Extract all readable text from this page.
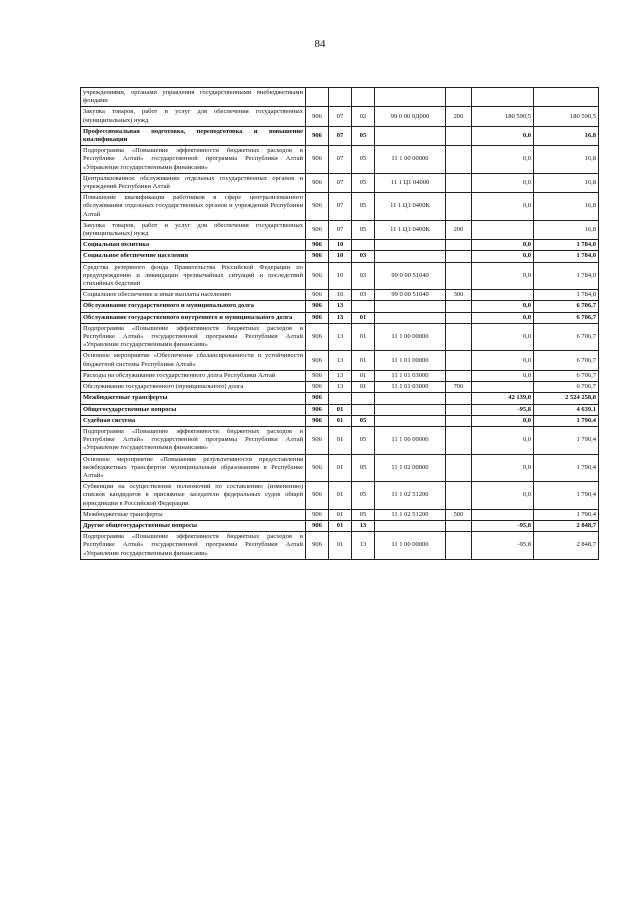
84
учреждениями, органами управления государственными внебюджетными фондами							
Закупка товаров, работ и услуг для обеспечения государственных (муниципальных) нужд	906	07	02	99 0 00 0Д000	200	180 590,5	180 590,5
Профессиональная подготовка, переподготовка и повышение квалификации	906	07	05			0,0	16,8
Подпрограмма «Повышение эффективности бюджетных расходов в Республике Алтай» государственной программы Республики Алтай «Управление государственными финансами»	906	07	05	11 1 00 00000		0,0	16,8
Централизованное обслуживание отдельных государственных органов и учреждений Республики Алтай	906	07	05	11 1 Ц1 04000		0,0	16,8
Повышение квалификации работников в сфере централизованного обслуживания отдельных государственных органов и учреждений Республики Алтай	906	07	05	11 1 Ц1 0400К		0,0	16,8
Закупка товаров, работ и услуг для обеспечения государственных (муниципальных) нужд	906	07	05	11 1 Ц1 0400К	200		16,8
Социальная политика	906	10				0,0	1 784,0
Социальное обеспечение населения	906	10	03			0,0	1 784,0
Средства резервного фонда Правительства Российской Федерации по предупреждению и ликвидации чрезвычайных ситуаций и последствий стихийных бедствий	906	10	03	99 0 00 51040		0,0	1 784,0
Социальное обеспечение и иные выплаты населению	906	10	03	99 0 00 51040	300		1 784,0
Обслуживание государственного и муниципального долга	906	13				0,0	6 706,7
Обслуживание государственного внутреннего и муниципального долга	906	13	01			0,0	6 706,7
Подпрограмма «Повышение эффективности бюджетных расходов в Республике Алтай» государственной программы Республики Алтай «Управление государственными финансами»	906	13	01	11 1 00 00000		0,0	6 706,7
Основное мероприятие «Обеспечение сбалансированности и устойчивости бюджетной системы Республики Алтай»	906	13	01	11 1 01 00000		0,0	6 706,7
Расходы на обслуживание государственного долга Республики Алтай	906	13	01	11 1 01 03000		0,0	6 706,7
Обслуживание государственного (муниципального) долга	906	13	01	11 1 01 03000	700		6 706,7
Межбюджетные трансферты	906					42 139,0	2 524 258,8
Общегосударственные вопросы	906	01				-95,8	4 639,1
Судебная система	906	01	05			0,0	1 790,4
Подпрограмма «Повышение эффективности бюджетных расходов в Республике Алтай» государственной программы Республики Алтай «Управление государственными финансами»	906	01	05	11 1 00 00000		0,0	1 790,4
Основное мероприятие «Повышение результативности предоставления межбюджетных трансфертов муниципальным образованиям в Республике Алтай»	906	01	05	11 1 02 00000		0,0	1 790,4
Субвенции на осуществление полномочий по составлению (изменению) списков кандидатов в присяжные заседатели федеральных судов общей юрисдикции в Российской Федерации	906	01	05	11 1 02 51200		0,0	1 790,4
Межбюджетные трансферты	906	01	05	11 1 02 51200	500		1 790,4
Другие общегосударственные вопросы	906	01	13			-95,8	2 848,7
Подпрограмма «Повышение эффективности бюджетных расходов в Республике Алтай» государственной программы Республики Алтай «Управление государственными финансами»	906	01	13	11 1 00 00000		-95,8	2 848,7
